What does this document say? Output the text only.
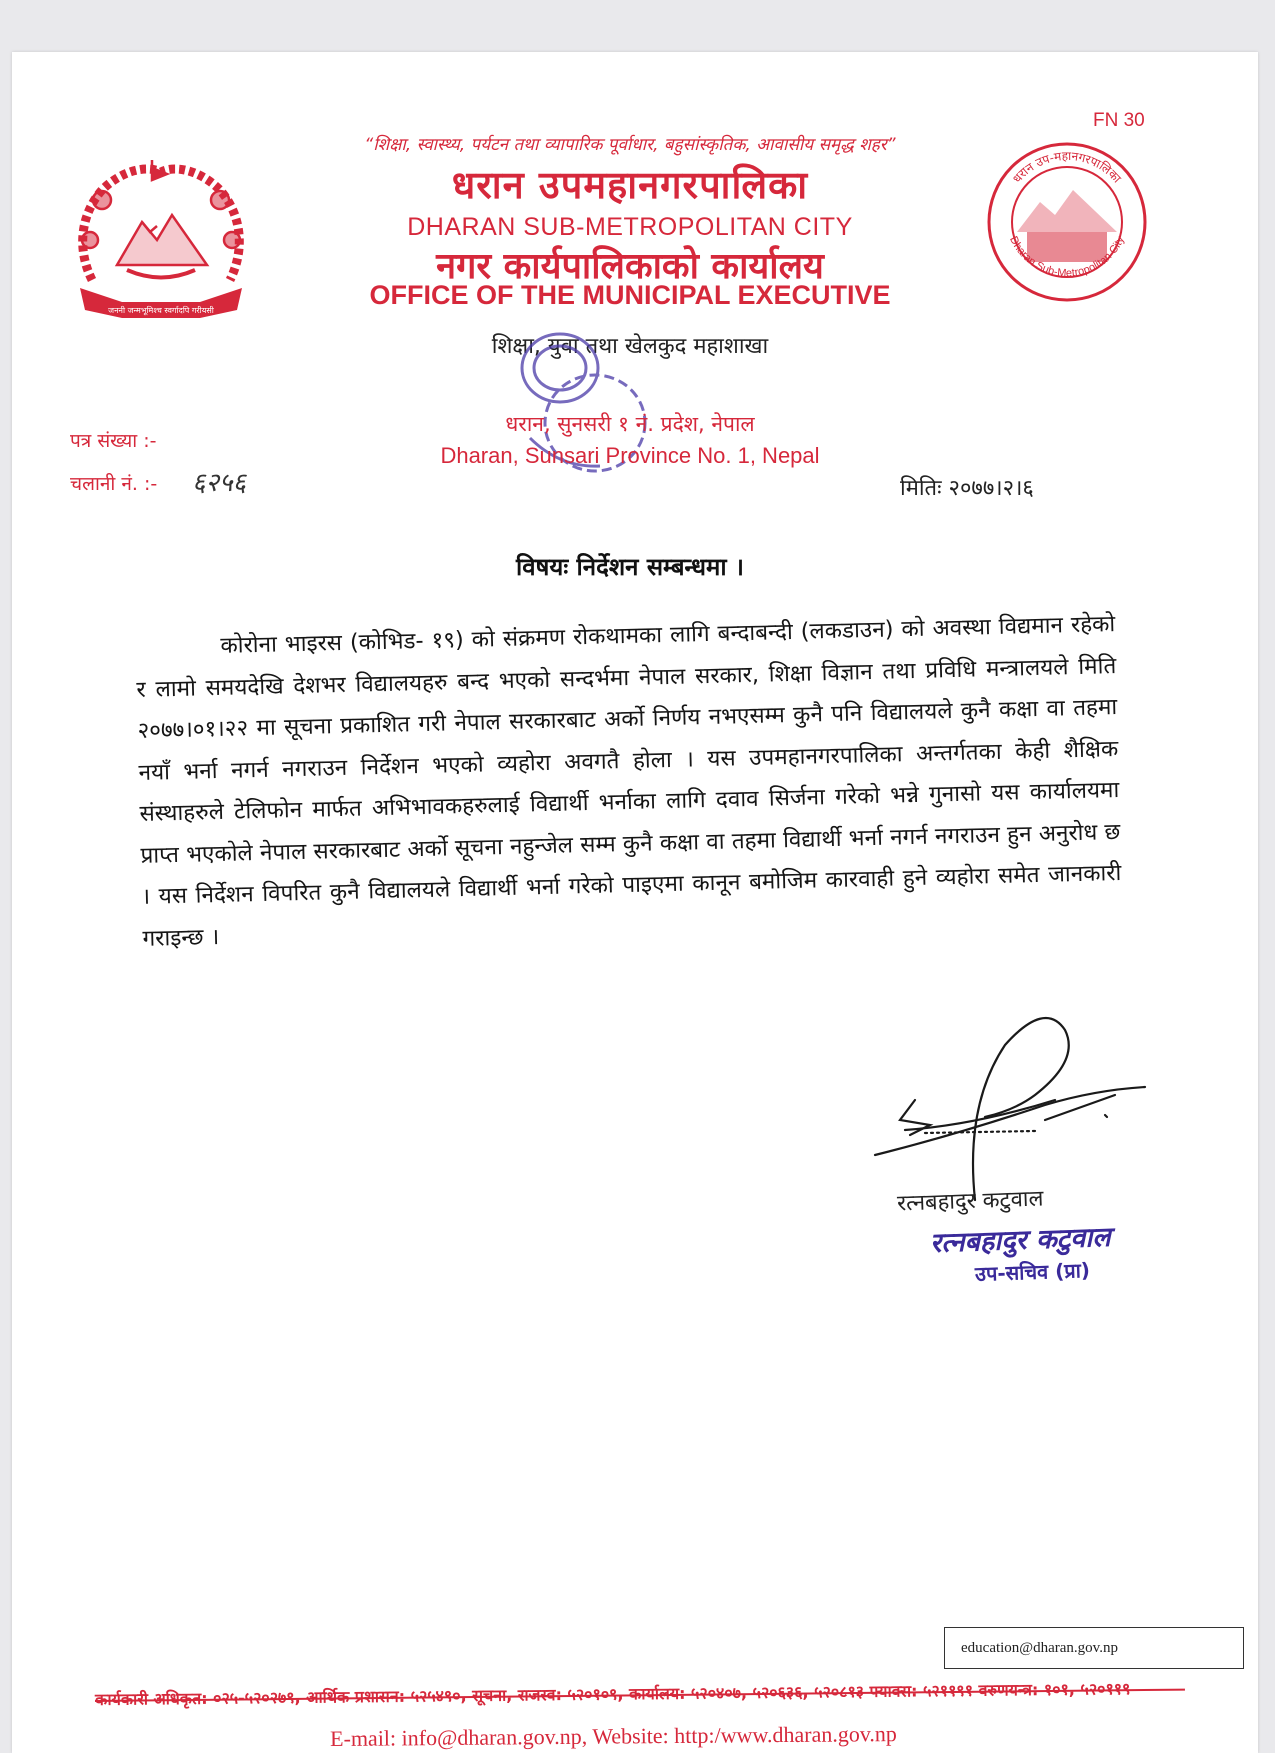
जननी जन्मभूमिश्च स्वर्गादपि गरीयसी
धरान उप-महानगरपालिका
Dharan Sub-Metropolitan City
FN 30
“शिक्षा, स्वास्थ्य, पर्यटन तथा व्यापारिक पूर्वाधार, बहुसांस्कृतिक, आवासीय समृद्ध शहर”
धरान उपमहानगरपालिका
DHARAN SUB-METROPOLITAN CITY
नगर कार्यपालिकाको कार्यालय
OFFICE OF THE MUNICIPAL EXECUTIVE
शिक्षा, युवा तथा खेलकुद महाशाखा
धरान, सुनसरी १ नं. प्रदेश, नेपाल
Dharan, Sunsari Province No. 1, Nepal
पत्र संख्या :-
चलानी नं. :- ६२५६	मितिः २०७७।२।६
विषयः निर्देशन सम्बन्धमा ।
कोरोना भाइरस (कोभिड- १९) को संक्रमण रोकथामका लागि बन्दाबन्दी (लकडाउन) को अवस्था विद्यमान रहेको र लामो समयदेखि देशभर विद्यालयहरु बन्द भएको सन्दर्भमा नेपाल सरकार, शिक्षा विज्ञान तथा प्रविधि मन्त्रालयले मिति २०७७।०१।२२ मा सूचना प्रकाशित गरी नेपाल सरकारबाट अर्को निर्णय नभएसम्म कुनै पनि विद्यालयले कुनै कक्षा वा तहमा नयाँ भर्ना नगर्न नगराउन निर्देशन भएको व्यहोरा अवगतै होला । यस उपमहानगरपालिका अन्तर्गतका केही शैक्षिक संस्थाहरुले टेलिफोन मार्फत अभिभावकहरुलाई विद्यार्थी भर्नाका लागि दवाव सिर्जना गरेको भन्ने गुनासो यस कार्यालयमा प्राप्त भएकोले नेपाल सरकारबाट अर्को सूचना नहुन्जेल सम्म कुनै कक्षा वा तहमा विद्यार्थी भर्ना नगर्न नगराउन हुन अनुरोध छ । यस निर्देशन विपरित कुनै विद्यालयले विद्यार्थी भर्ना गरेको पाइएमा कानून बमोजिम कारवाही हुने व्यहोरा समेत जानकारी गराइन्छ ।
रत्नबहादुर कटुवाल
रत्नबहादुर कटुवाल
उप-सचिव (प्रा)
education@dharan.gov.np
कार्यकारी अधिकृत: ०२५-५२०२७९, आर्थिक प्रशासन: ५२५४९०, सूचना, राजस्व: ५२०१०९, कार्यालय: ५२०४०७, ५२०६३६, ५२०८१३ फ्याक्स: ५२११९१ वरुणयन्त्र: १०१, ५२०११९
E-mail: info@dharan.gov.np, Website: http:/www.dharan.gov.np
